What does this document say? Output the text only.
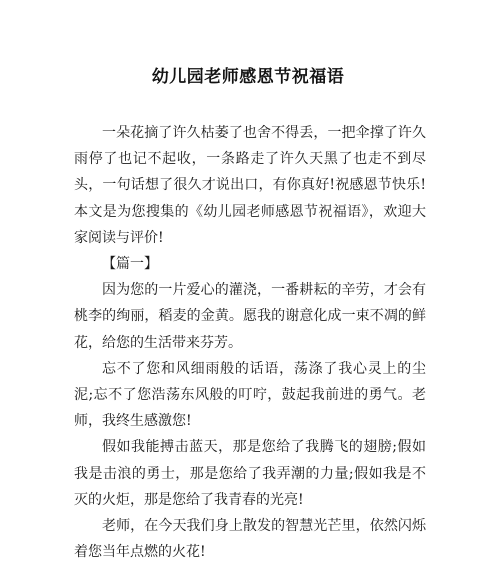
幼儿园老师感恩节祝福语

一朵花摘了许久枯萎了也舍不得丢，一把伞撑了许久雨停了也记不起收，一条路走了许久天黑了也走不到尽头，一句话想了很久才说出口，有你真好!祝感恩节快乐!本文是为您搜集的《幼儿园老师感恩节祝福语》，欢迎大家阅读与评价!

【篇一】

因为您的一片爱心的灌浇，一番耕耘的辛劳，才会有桃李的绚丽，稻麦的金黄。愿我的谢意化成一束不凋的鲜花，给您的生活带来芬芳。

忘不了您和风细雨般的话语，荡涤了我心灵上的尘泥;忘不了您浩荡东风般的叮咛，鼓起我前进的勇气。老师，我终生感激您!

假如我能搏击蓝天，那是您给了我腾飞的翅膀;假如我是击浪的勇士，那是您给了我弄潮的力量;假如我是不灭的火炬，那是您给了我青春的光亮!

老师，在今天我们身上散发的智慧光芒里，依然闪烁着您当年点燃的火花!
